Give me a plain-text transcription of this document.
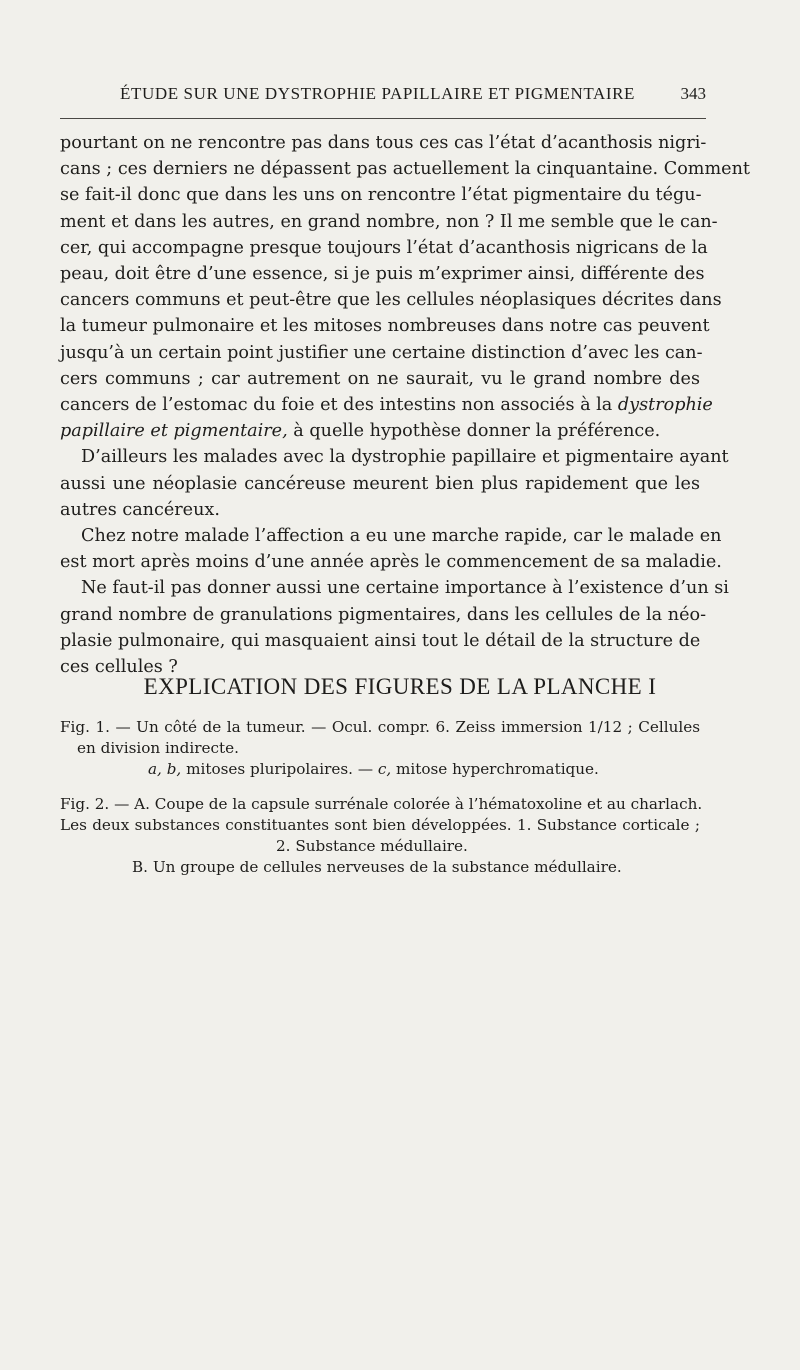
ÉTUDE SUR UNE DYSTROPHIE PAPILLAIRE ET PIGMENTAIRE	343
pourtant on ne rencontre pas dans tous ces cas l’état d’acanthosis nigri-
cans ; ces derniers ne dépassent pas actuellement la cinquantaine. Comment
se fait-il donc que dans les uns on rencontre l’état pigmentaire du tégu-
ment et dans les autres, en grand nombre, non ? Il me semble que le can-
cer, qui accompagne presque toujours l’état d’acanthosis nigricans de la
peau, doit être d’une essence, si je puis m’exprimer ainsi, différente des
cancers communs et peut-être que les cellules néoplasiques décrites dans
la tumeur pulmonaire et les mitoses nombreuses dans notre cas peuvent
jusqu’à un certain point justifier une certaine distinction d’avec les can-
cers communs ; car autrement on ne saurait, vu le grand nombre des
cancers de l’estomac du foie et des intestins non associés à la dystrophie
papillaire et pigmentaire, à quelle hypothèse donner la préférence.
D’ailleurs les malades avec la dystrophie papillaire et pigmentaire ayant
aussi une néoplasie cancéreuse meurent bien plus rapidement que les
autres cancéreux.
Chez notre malade l’affection a eu une marche rapide, car le malade en
est mort après moins d’une année après le commencement de sa maladie.
Ne faut-il pas donner aussi une certaine importance à l’existence d’un si
grand nombre de granulations pigmentaires, dans les cellules de la néo-
plasie pulmonaire, qui masquaient ainsi tout le détail de la structure de
ces cellules ?
EXPLICATION DES FIGURES DE LA PLANCHE I
Fig. 1. — Un côté de la tumeur. — Ocul. compr. 6. Zeiss immersion 1/12 ; Cellules
en division indirecte.
a, b, mitoses pluripolaires. — c, mitose hyperchromatique.
Fig. 2. — A. Coupe de la capsule surrénale colorée à l’hématoxoline et au charlach.
Les deux substances constituantes sont bien développées. 1. Substance corticale ;
2. Substance médullaire.
B. Un groupe de cellules nerveuses de la substance médullaire.
